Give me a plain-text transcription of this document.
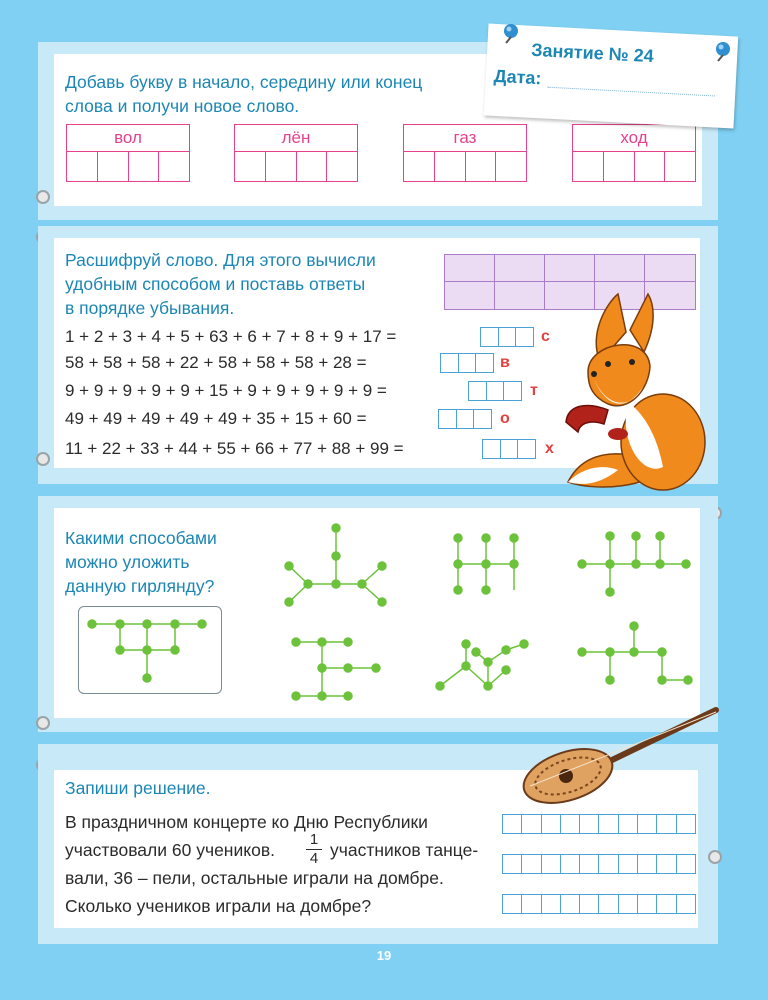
Добавь букву в начало, середину или конец
слова и получи новое слово.
вол	лён	газ	ход
Занятие № 24
Дата:
Расшифруй слово. Для этого вычисли
удобным способом и поставь ответы
в порядке убывания.
1 + 2 + 3 + 4 + 5 + 63 + 6 + 7 + 8 + 9 + 17 =	с
58 + 58 + 58 + 22 + 58 + 58 + 58 + 28 =	в
9 + 9 + 9 + 9 + 9 + 15 + 9 + 9 + 9 + 9 + 9 =	т
49 + 49 + 49 + 49 + 49 + 35 + 15 + 60 =	о
11 + 22 + 33 + 44 + 55 + 66 + 77 + 88 + 99 =	х
Какими способами
можно уложить
данную гирлянду?
Запиши решение.
В праздничном концерте ко Дню Республики
участвовали 60 учеников.
1
4 участников танце-
вали, 36 – пели, остальные играли на домбре.
Сколько учеников играли на домбре?
19
